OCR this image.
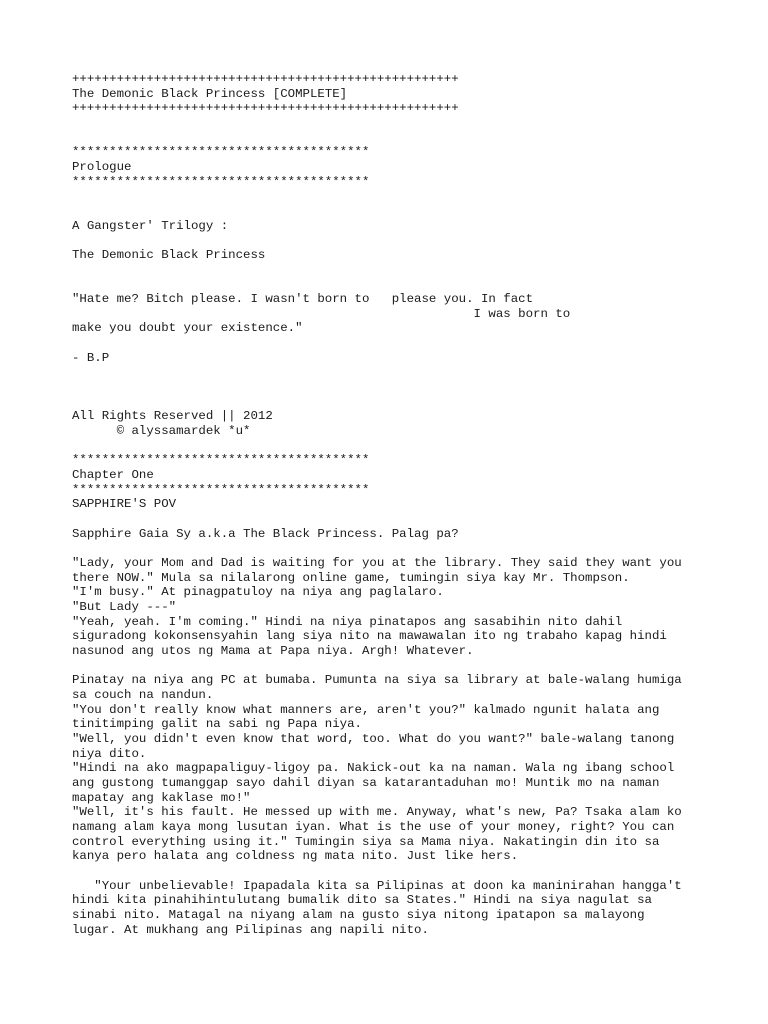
++++++++++++++++++++++++++++++++++++++++++++++++++++
The Demonic Black Princess [COMPLETE]
++++++++++++++++++++++++++++++++++++++++++++++++++++
****************************************
Prologue
****************************************
A Gangster' Trilogy :
The Demonic Black Princess
"Hate me? Bitch please. I wasn't born to   please you. In fact
I was born to
make you doubt your existence."
- B.P
All Rights Reserved || 2012
© alyssamardek *u*
****************************************
Chapter One
****************************************
SAPPHIRE'S POV
Sapphire Gaia Sy a.k.a The Black Princess. Palag pa?
"Lady, your Mom and Dad is waiting for you at the library. They said they want you
there NOW." Mula sa nilalarong online game, tumingin siya kay Mr. Thompson.
"I'm busy." At pinagpatuloy na niya ang paglalaro.
"But Lady ---"
"Yeah, yeah. I'm coming." Hindi na niya pinatapos ang sasabihin nito dahil
siguradong kokonsensyahin lang siya nito na mawawalan ito ng trabaho kapag hindi
nasunod ang utos ng Mama at Papa niya. Argh! Whatever.
Pinatay na niya ang PC at bumaba. Pumunta na siya sa library at bale-walang humiga
sa couch na nandun.
"You don't really know what manners are, aren't you?" kalmado ngunit halata ang
tinitimping galit na sabi ng Papa niya.
"Well, you didn't even know that word, too. What do you want?" bale-walang tanong
niya dito.
"Hindi na ako magpapaliguy-ligoy pa. Nakick-out ka na naman. Wala ng ibang school
ang gustong tumanggap sayo dahil diyan sa katarantaduhan mo! Muntik mo na naman
mapatay ang kaklase mo!"
"Well, it's his fault. He messed up with me. Anyway, what's new, Pa? Tsaka alam ko
namang alam kaya mong lusutan iyan. What is the use of your money, right? You can
control everything using it." Tumingin siya sa Mama niya. Nakatingin din ito sa
kanya pero halata ang coldness ng mata nito. Just like hers.
"Your unbelievable! Ipapadala kita sa Pilipinas at doon ka maninirahan hangga't
hindi kita pinahihintulutang bumalik dito sa States." Hindi na siya nagulat sa
sinabi nito. Matagal na niyang alam na gusto siya nitong ipatapon sa malayong
lugar. At mukhang ang Pilipinas ang napili nito.
